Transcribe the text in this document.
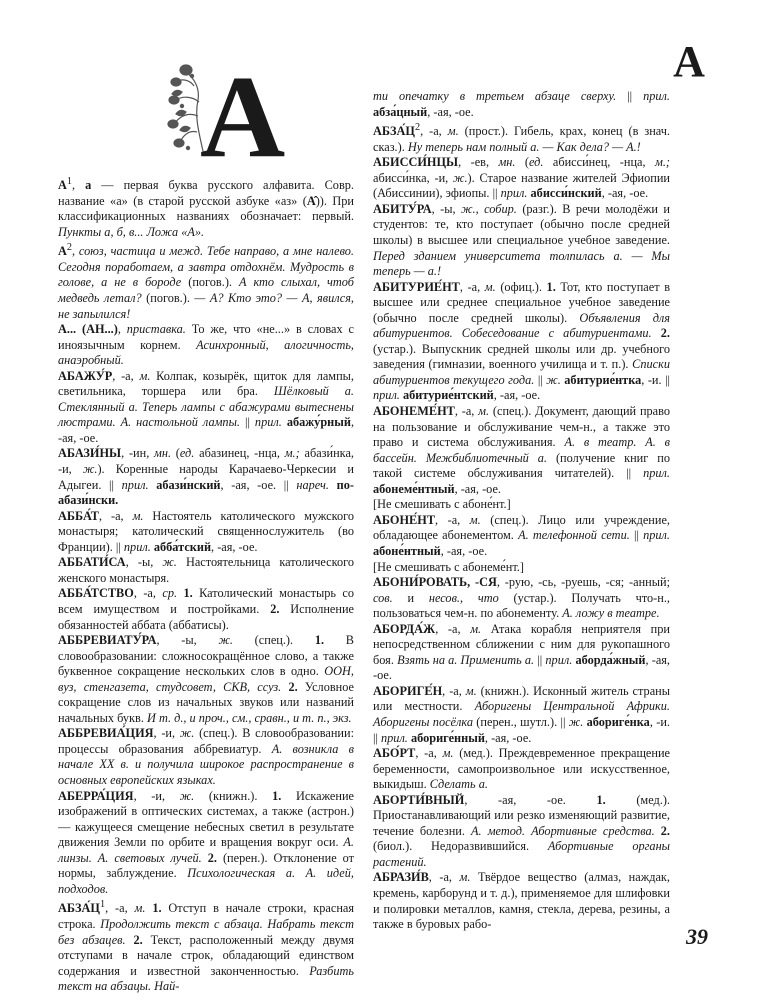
А
А

$А^1$, а — первая буква русского алфавита. Совр. название «а» (в старой русской азбуке «аз» (А̂)). При классификационных названиях обозначает: первый. Пункты а, б, в... Ложа «А».

$А^2$, союз, частица и межд. Тебе направо, а мне налево. Сегодня поработаем, а завтра отдохнём. Мудрость в голове, а не в бороде (погов.). А кто слыхал, чтоб медведь летал? (погов.). — А? Кто это? — А, явился, не запылился!

А... (АН...), приставка. То же, что «не...» в словах с иноязычным корнем. Асинхронный, алогичность, анаэробный.

АБАЖУ́Р, -а, м. Колпак, козырёк, щиток для лампы, светильника, торшера или бра. Шёлковый а. Стеклянный а. Теперь лампы с абажурами вытеснены люстрами. А. настольной лампы. || прил. абажу́рный, -ая, -ое.

АБАЗИ́НЫ, -ин, мн. (ед. абазинец, -нца, м.; абази́нка, -и, ж.). Коренные народы Карачаево-Черкесии и Адыгеи. || прил. абази́нский, -ая, -ое. || нареч. по-абази́нски.

АББА́Т, -а, м. Настоятель католического мужского монастыря; католический священнослужитель (во Франции). || прил. абба́тский, -ая, -ое.

АББАТИ́СА, -ы, ж. Настоятельница католического женского монастыря.

АББА́ТСТВО, -а, ср. 1. Католический монастырь со всем имуществом и постройками. 2. Исполнение обязанностей аббата (аббатисы).

АББРЕВИАТУ́РА, -ы, ж. (спец.). 1. В словообразовании: сложносокращённое слово, а также буквенное сокращение нескольких слов в одно. ООН, вуз, стенгазета, студсовет, СКВ, ссуз. 2. Условное сокращение слов из начальных звуков или названий начальных букв. И т. д., и проч., см., сравн., и т. п., экз.

АББРЕВИА́ЦИЯ, -и, ж. (спец.). В словообразовании: процессы образования аббревиатур. А. возникла в начале XX в. и получила широкое распространение в основных европейских языках.

АБЕРРА́ЦИЯ, -и, ж. (книжн.). 1. Искажение изображений в оптических системах, а также (астрон.) — кажущееся смещение небесных светил в результате движения Земли по орбите и вращения вокруг оси. А. линзы. А. световых лучей. 2. (перен.). Отклонение от нормы, заблуждение. Психологическая а. А. идей, подходов.

$АБЗА́Ц^1$, -а, м. 1. Отступ в начале строки, красная строка. Продолжить текст с абзаца. Набрать текст без абзацев. 2. Текст, расположенный между двумя отступами в начале строк, обладающий единством содержания и известной законченностью. Разбить текст на абзацы. Най-

ти опечатку в третьем абзаце сверху. || прил. абза́цный, -ая, -ое.

$АБЗА́Ц^2$, -а, м. (прост.). Гибель, крах, конец (в знач. сказ.). Ну теперь нам полный а. — Как дела? — А.!

АБИССИ́НЦЫ, -ев, мн. (ед. абисси́нец, -нца, м.; абисси́нка, -и, ж.). Старое название жителей Эфиопии (Абиссинии), эфиопы. || прил. абисси́нский, -ая, -ое.

АБИТУ́РА, -ы, ж., собир. (разг.). В речи молодёжи и студентов: те, кто поступает (обычно после средней школы) в высшее или специальное учебное заведение. Перед зданием университета толпилась а. — Мы теперь — а.!

АБИТУРИЕ́НТ, -а, м. (офиц.). 1. Тот, кто поступает в высшее или среднее специальное учебное заведение (обычно после средней школы). Объявления для абитуриентов. Собеседование с абитуриентами. 2. (устар.). Выпускник средней школы или др. учебного заведения (гимназии, военного училища и т. п.). Списки абитуриентов текущего года. || ж. абитурие́нтка, -и. || прил. абитурие́нтский, -ая, -ое.

АБОНЕМЕ́НТ, -а, м. (спец.). Документ, дающий право на пользование и обслуживание чем-н., а также это право и система обслуживания. А. в театр. А. в бассейн. Межбиблиотечный а. (получение книг по такой системе обслуживания читателей). || прил. абонеме́нтный, -ая, -ое.

[Не смешивать с абоне́нт.]

АБОНЕ́НТ, -а, м. (спец.). Лицо или учреждение, обладающее абонементом. А. телефонной сети. || прил. абоне́нтный, -ая, -ое.

[Не смешивать с абонеме́нт.]

АБОНИ́РОВАТЬ, -СЯ, -рую, -сь, -руешь, -ся; -анный; сов. и несов., что (устар.). Получать что-н., пользоваться чем-н. по абонементу. А. ложу в театре.

АБОРДА́Ж, -а, м. Атака корабля неприятеля при непосредственном сближении с ним для рукопашного боя. Взять на а. Применить а. || прил. аборда́жный, -ая, -ое.

АБОРИГЕ́Н, -а, м. (книжн.). Исконный житель страны или местности. Аборигены Центральной Африки. Аборигены посёлка (перен., шутл.). || ж. абориге́нка, -и. || прил. абориге́нный, -ая, -ое.

АБО́РТ, -а, м. (мед.). Преждевременное прекращение беременности, самопроизвольное или искусственное, выкидыш. Сделать а.

АБОРТИ́ВНЫЙ, -ая, -ое. 1. (мед.). Приостанавливающий или резко изменяющий развитие, течение болезни. А. метод. Абортивные средства. 2. (биол.). Недоразвившийся. Абортивные органы растений.

АБРАЗИ́В, -а, м. Твёрдое вещество (алмаз, наждак, кремень, карборунд и т. д.), применяемое для шлифовки и полировки металлов, камня, стекла, дерева, резины, а также в буровых рабо-	39
